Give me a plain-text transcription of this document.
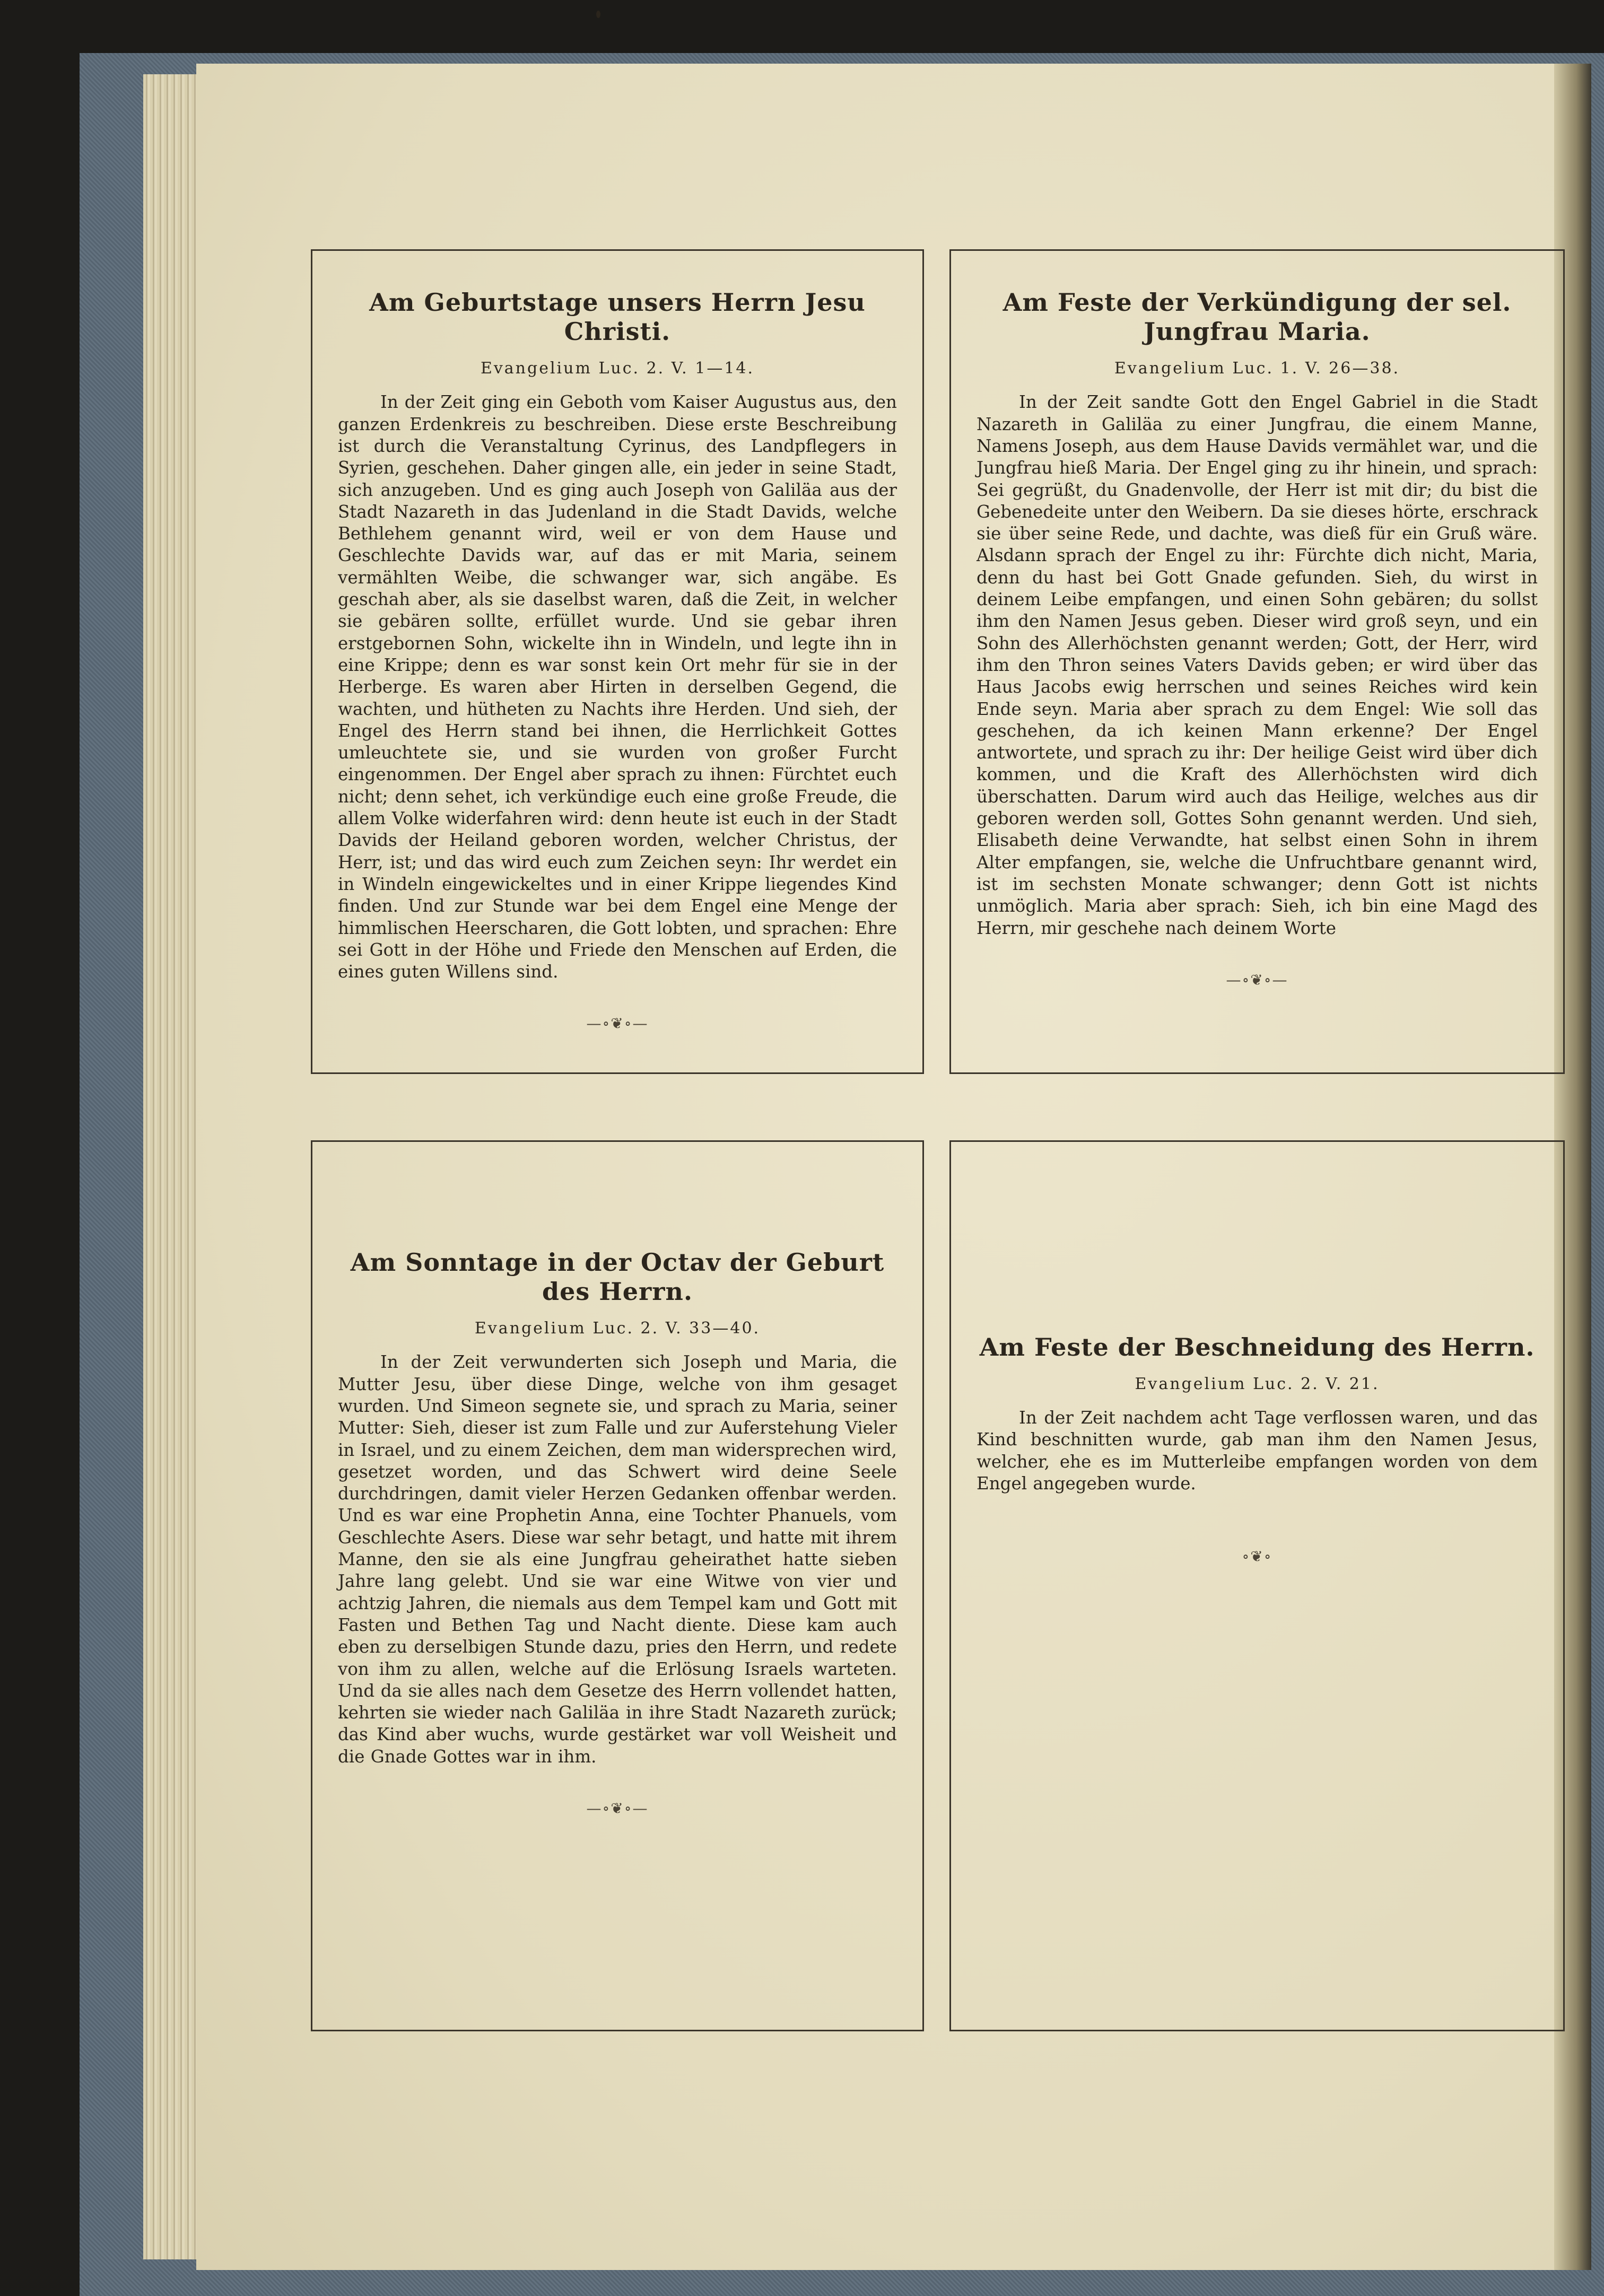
Am Geburtstage unsers Herrn Jesu Christi.
Evangelium Luc. 2. V. 1—14.

In der Zeit ging ein Geboth vom Kaiser Augustus aus, den ganzen Erdenkreis zu beschreiben. Diese erste Beschreibung ist durch die Veranstaltung Cyrinus, des Landpflegers in Syrien, geschehen. Daher gingen alle, ein jeder in seine Stadt, sich anzugeben. Und es ging auch Joseph von Galiläa aus der Stadt Nazareth in das Judenland in die Stadt Davids, welche Bethlehem genannt wird, weil er von dem Hause und Geschlechte Davids war, auf das er mit Maria, seinem vermählten Weibe, die schwanger war, sich angäbe. Es geschah aber, als sie daselbst waren, daß die Zeit, in welcher sie gebären sollte, erfüllet wurde. Und sie gebar ihren erstgebornen Sohn, wickelte ihn in Windeln, und legte ihn in eine Krippe; denn es war sonst kein Ort mehr für sie in der Herberge. Es waren aber Hirten in derselben Gegend, die wachten, und hütheten zu Nachts ihre Herden. Und sieh, der Engel des Herrn stand bei ihnen, die Herrlichkeit Gottes umleuchtete sie, und sie wurden von großer Furcht eingenommen. Der Engel aber sprach zu ihnen: Fürchtet euch nicht; denn sehet, ich verkündige euch eine große Freude, die allem Volke widerfahren wird: denn heute ist euch in der Stadt Davids der Heiland geboren worden, welcher Christus, der Herr, ist; und das wird euch zum Zeichen seyn: Ihr werdet ein in Windeln eingewickeltes und in einer Krippe liegendes Kind finden. Und zur Stunde war bei dem Engel eine Menge der himmlischen Heerscharen, die Gott lobten, und sprachen: Ehre sei Gott in der Höhe und Friede den Menschen auf Erden, die eines guten Willens sind.

—∘❦∘—
Am Feste der Verkündigung der sel. Jungfrau Maria.
Evangelium Luc. 1. V. 26—38.

In der Zeit sandte Gott den Engel Gabriel in die Stadt Nazareth in Galiläa zu einer Jungfrau, die einem Manne, Namens Joseph, aus dem Hause Davids vermählet war, und die Jungfrau hieß Maria. Der Engel ging zu ihr hinein, und sprach: Sei gegrüßt, du Gnadenvolle, der Herr ist mit dir; du bist die Gebenedeite unter den Weibern. Da sie dieses hörte, erschrack sie über seine Rede, und dachte, was dieß für ein Gruß wäre. Alsdann sprach der Engel zu ihr: Fürchte dich nicht, Maria, denn du hast bei Gott Gnade gefunden. Sieh, du wirst in deinem Leibe empfangen, und einen Sohn gebären; du sollst ihm den Namen Jesus geben. Dieser wird groß seyn, und ein Sohn des Allerhöchsten genannt werden; Gott, der Herr, wird ihm den Thron seines Vaters Davids geben; er wird über das Haus Jacobs ewig herrschen und seines Reiches wird kein Ende seyn. Maria aber sprach zu dem Engel: Wie soll das geschehen, da ich keinen Mann erkenne? Der Engel antwortete, und sprach zu ihr: Der heilige Geist wird über dich kommen, und die Kraft des Allerhöchsten wird dich überschatten. Darum wird auch das Heilige, welches aus dir geboren werden soll, Gottes Sohn genannt werden. Und sieh, Elisabeth deine Verwandte, hat selbst einen Sohn in ihrem Alter empfangen, sie, welche die Unfruchtbare genannt wird, ist im sechsten Monate schwanger; denn Gott ist nichts unmöglich. Maria aber sprach: Sieh, ich bin eine Magd des Herrn, mir geschehe nach deinem Worte

—∘❦∘—
Am Sonntage in der Octav der Geburt des Herrn.
Evangelium Luc. 2. V. 33—40.

In der Zeit verwunderten sich Joseph und Maria, die Mutter Jesu, über diese Dinge, welche von ihm gesaget wurden. Und Simeon segnete sie, und sprach zu Maria, seiner Mutter: Sieh, dieser ist zum Falle und zur Auferstehung Vieler in Israel, und zu einem Zeichen, dem man widersprechen wird, gesetzet worden, und das Schwert wird deine Seele durchdringen, damit vieler Herzen Gedanken offenbar werden. Und es war eine Prophetin Anna, eine Tochter Phanuels, vom Geschlechte Asers. Diese war sehr betagt, und hatte mit ihrem Manne, den sie als eine Jungfrau geheirathet hatte sieben Jahre lang gelebt. Und sie war eine Witwe von vier und achtzig Jahren, die niemals aus dem Tempel kam und Gott mit Fasten und Bethen Tag und Nacht diente. Diese kam auch eben zu derselbigen Stunde dazu, pries den Herrn, und redete von ihm zu allen, welche auf die Erlösung Israels warteten. Und da sie alles nach dem Gesetze des Herrn vollendet hatten, kehrten sie wieder nach Galiläa in ihre Stadt Nazareth zurück; das Kind aber wuchs, wurde gestärket war voll Weisheit und die Gnade Gottes war in ihm.

—∘❦∘—
Am Feste der Beschneidung des Herrn.
Evangelium Luc. 2. V. 21.

In der Zeit nachdem acht Tage verflossen waren, und das Kind beschnitten wurde, gab man ihm den Namen Jesus, welcher, ehe es im Mutterleibe empfangen worden von dem Engel angegeben wurde.

∘❦∘
